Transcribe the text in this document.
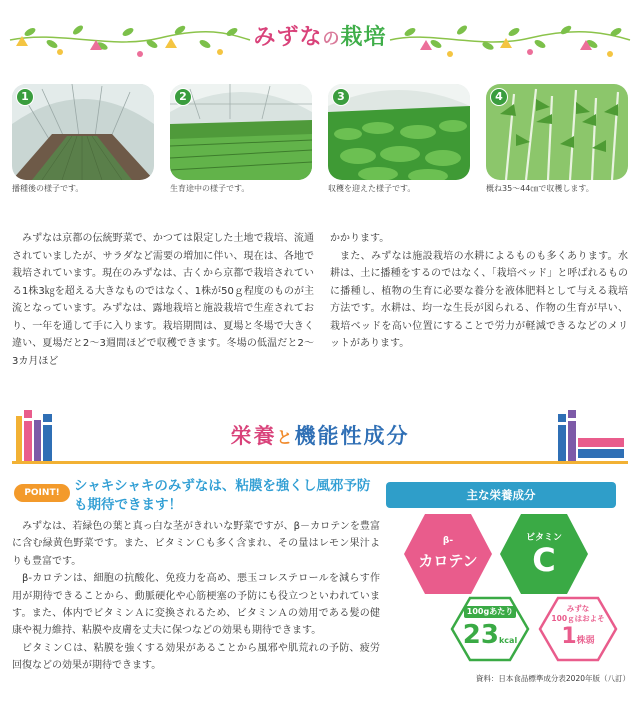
みずなの栽培
1
播種後の様子です。
2
生育途中の様子です。
3
収穫を迎えた様子です。
4
概ね35～44㎝で収穫します。

みずなは京都の伝統野菜で、かつては限定した土地で栽培、流通されていましたが、サラダなど需要の増加に伴い、現在は、各地で栽培されています。現在のみずなは、古くから京都で栽培されている1株3㎏を超える大きなものではなく、1株が50ｇ程度のものが主流となっています。みずなは、露地栽培と施設栽培で生産されており、一年を通して手に入ります。栽培期間は、夏場と冬場で大きく違い、夏場だと2～3週間ほどで収穫できます。冬場の低温だと2～3カ月ほど

かかります。

また、みずなは施設栽培の水耕によるものも多くあります。水耕は、土に播種をするのではなく、「栽培ベッド」と呼ばれるものに播種し、植物の生育に必要な養分を液体肥料として与える栽培方法です。水耕は、均一な生長が図られる、作物の生育が早い、栽培ベッドを高い位置にすることで労力が軽減できるなどのメリットがあります。

栄養と機能性成分
POINT!	シャキシャキのみずなは、粘膜を強くし風邪予防も期待できます！

みずなは、若緑色の葉と真っ白な茎がきれいな野菜ですが、β－カロテンを豊富に含む緑黄色野菜です。また、ビタミンＣも多く含まれ、その量はレモン果汁よりも豊富です。

β-カロテンは、細胞の抗酸化、免疫力を高め、悪玉コレステロールを減らす作用が期待できることから、動脈硬化や心筋梗塞の予防にも役立つといわれています。また、体内でビタミンＡに変換されるため、ビタミンＡの効用である髪の健康や視力維持、粘膜や皮膚を丈夫に保つなどの効果も期待できます。

ビタミンＣは、粘膜を強くする効果があることから風邪や肌荒れの予防、疲労回復などの効果が期待できます。

主な栄養成分
β-
カロテン
ビタミン
C
100gあたり
23kcal
みずな
100ｇはおよそ
1株弱
資料：日本食品標準成分表2020年版（八訂）
